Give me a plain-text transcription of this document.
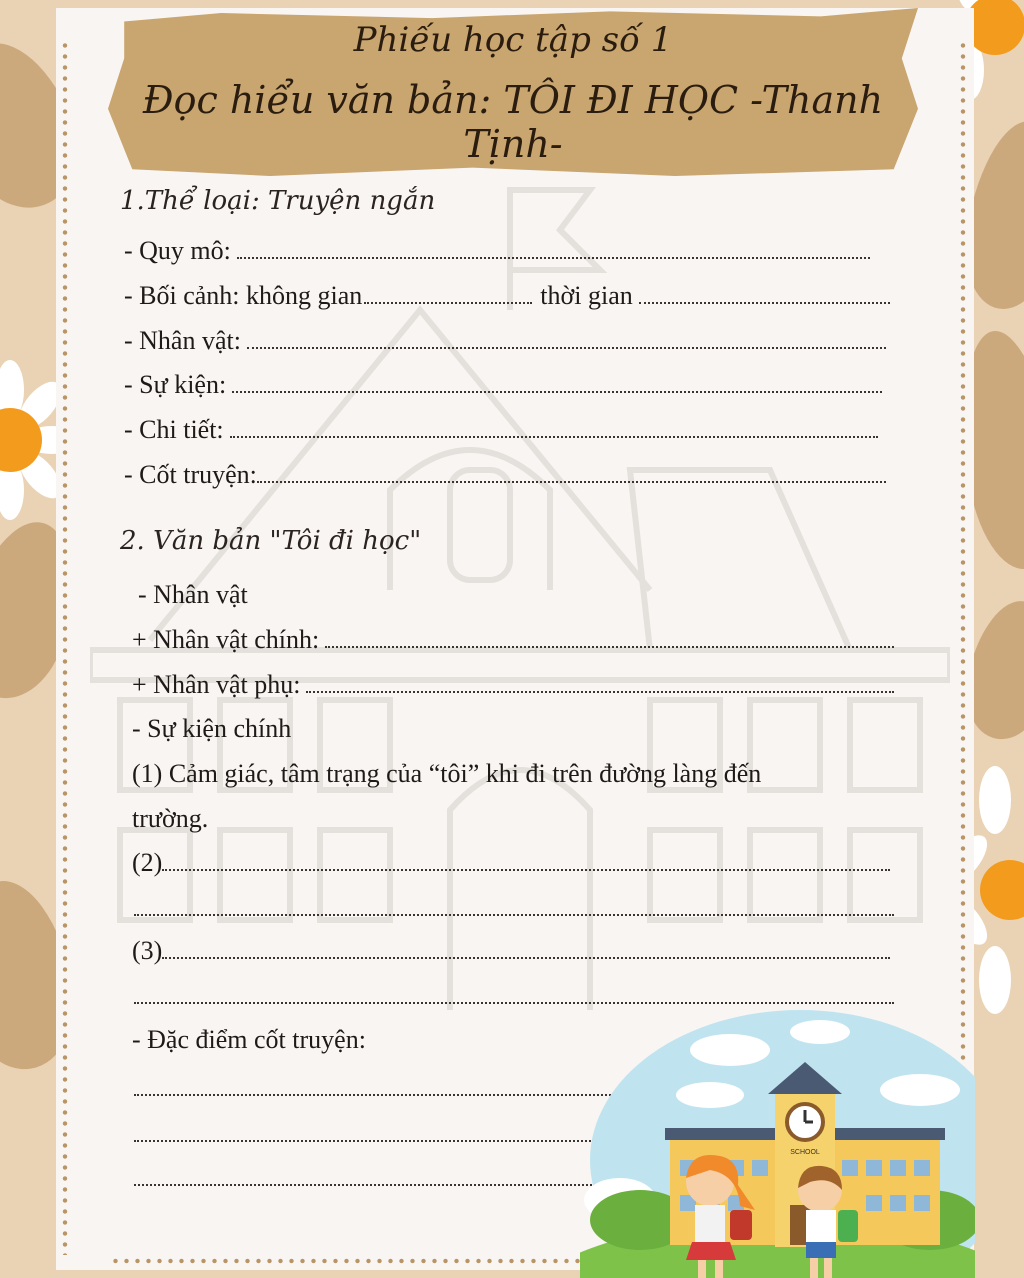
Phiếu học tập số 1
Đọc hiểu văn bản: TÔI ĐI HỌC -Thanh Tịnh-
1.Thể loại: Truyện ngắn
- Quy mô:
- Bối cảnh: không gian	thời gian
- Nhân vật:
- Sự kiện:
- Chi tiết:
- Cốt truyện:
2. Văn bản "Tôi đi học"
- Nhân vật
+ Nhân vật chính:
+ Nhân vật phụ:
- Sự kiện chính
(1) Cảm giác, tâm trạng của “tôi” khi đi trên đường làng đến
trường.
(2)
(3)
- Đặc điểm cốt truyện:
SCHOOL
